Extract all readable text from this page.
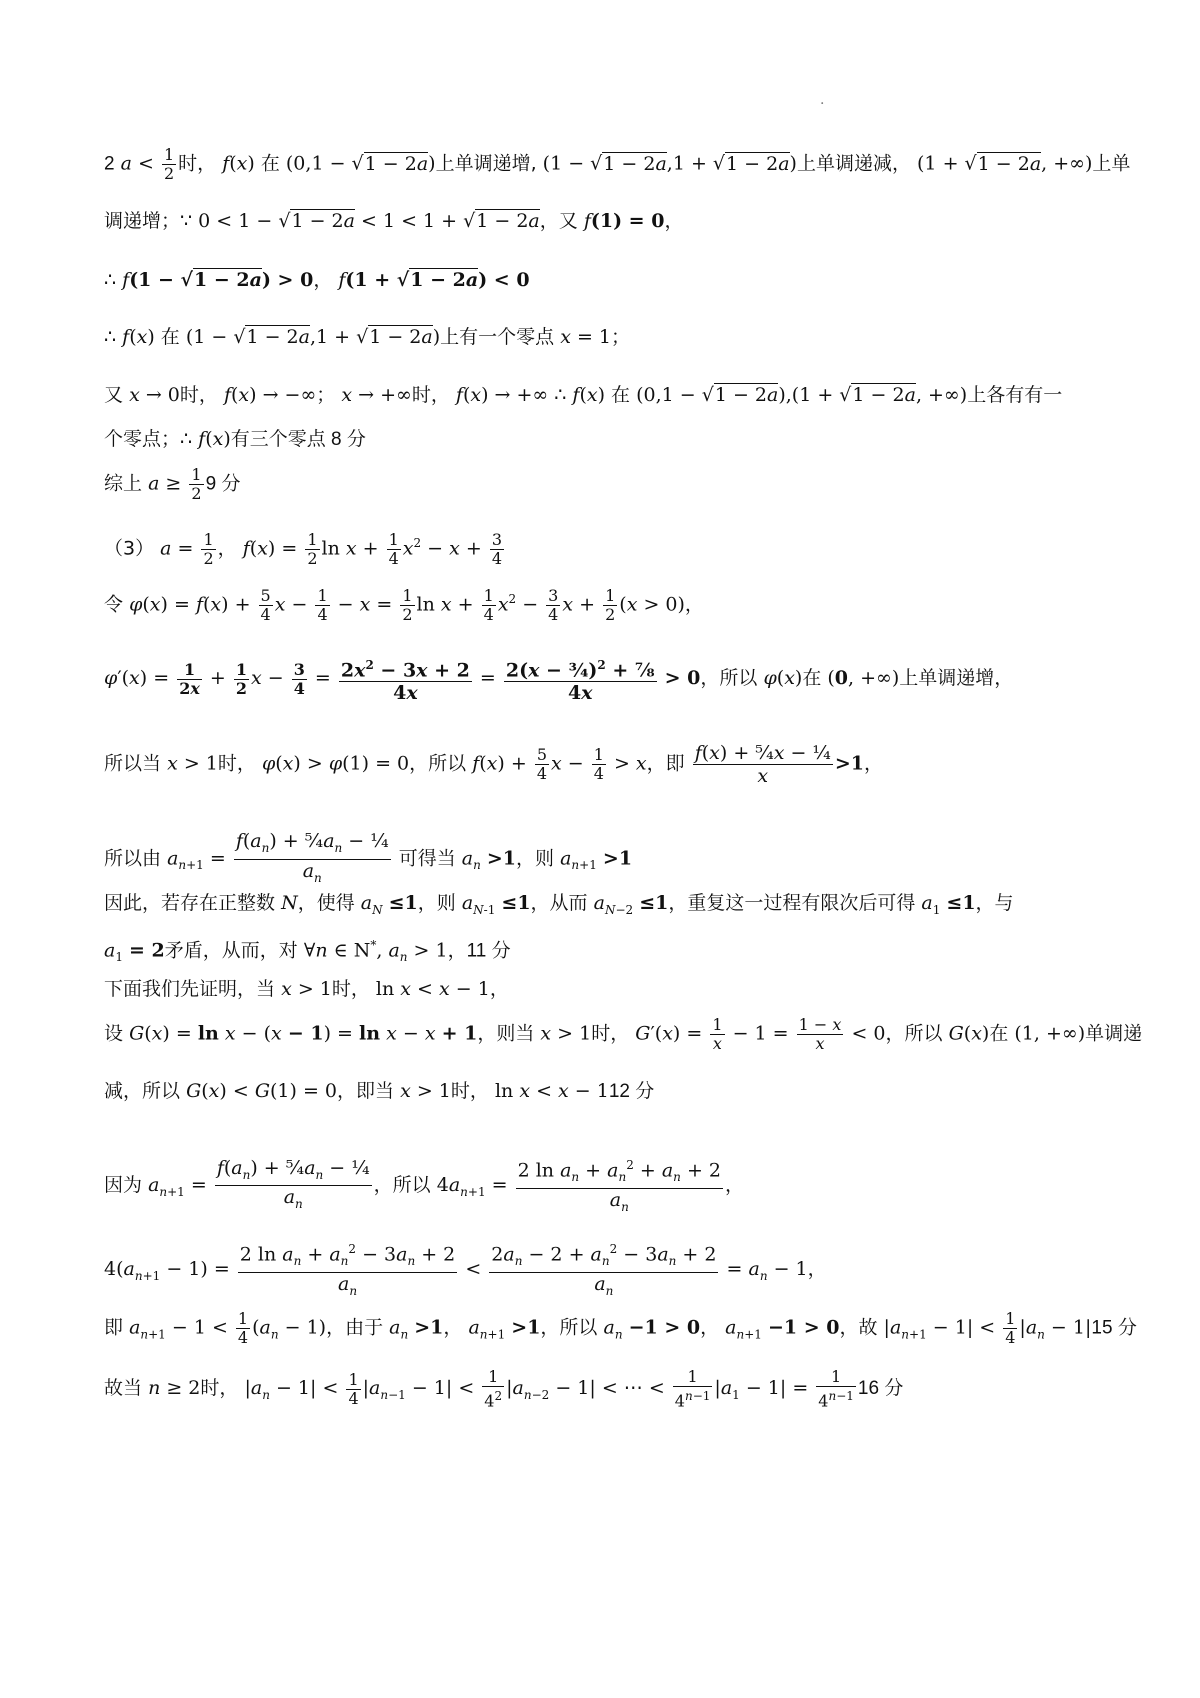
·
2 $a < \frac{1}{2}$ 时， f(x) 在 (0,1 − √1 − 2a)上单调递增, (1 − √1 − 2a,1 + √1 − 2a)上单调递减， (1 + √1 − 2a, +∞)上单
调递增；∵ 0 < 1 − √1 − 2a < 1 < 1 + √1 − 2a，又 f(1) = 0，
∴ f(1 − √1 − 2a) > 0， f(1 + √1 − 2a) < 0
∴ f(x) 在 (1 − √1 − 2a,1 + √1 − 2a)上有一个零点 x = 1；
又 x → 0时， f(x) → −∞； x → +∞时， f(x) → +∞ ∴ f(x) 在 (0,1 − √1 − 2a),(1 + √1 − 2a, +∞)上各有有一
个零点；∴ f(x)有三个零点 8 分
综上 $a \ge \frac{1}{2} 9$ 分
（3） $a = \frac{1}{2}$ ， $f(x) = \frac{1}{2}$ $\ln x + \frac{1}{4} x^2 - x + \frac{3}{4}$
令 $\varphi(x) = f(x) + \frac{5}{4}$ $x - \frac{1}{4} - x = \frac{1}{2}$ $\ln x + \frac{1}{4} x^2 - \frac{3}{4}$ $x + \frac{1}{2} (x > 0)$，
$\varphi'(x) = \frac{1}{2x} + \frac{1}{2}$ $x - \frac{3}{4} = \frac{2x^2 - 3x + 2}{4x} = \frac{2(x - \frac{3}{4})^2 + \frac{7}{8}}{4x} > 0$，所以 φ(x)在 (0, +∞)上单调递增，
所以当 x > 1时， φ(x) > φ(1) = 0，所以 $f(x) + \frac{5}{4}$ $x - \frac{1}{4} > x$，即 $\frac{\text{f(x) + ⁵⁄₄x − ¼}}{x} >1$，
所以由 $a_{n+1} = \frac{f(a_n) + ^5⁄_4a_n - \frac{1}{4}}{a_n}$ 可得当 $a_n >1$，则 $a_{n+1} >1$
因此，若存在正整数 N，使得 $a_N \le 1$，则 $a_{N-1} \le 1$，从而 $a_{N-2} \le 1$，重复这一过程有限次后可得 $a_1 \le 1$，与
$a_1 = 2$矛盾，从而，对 ∀n ∈ N*, $a_n > 1$，11 分
下面我们先证明，当 x > 1时， ln x < x − 1，
设 G(x) = ln x − (x − 1) = ln x − x + 1，则当 x > 1时， $G'(x) = \frac{1}{x} - 1 = \frac{1 - x}{x} < 0$，所以 G(x)在 (1, +∞)单调递
减，所以 G(x) < G(1) = 0，即当 x > 1时， ln x < x − 112 分
因为 $a_{n+1} = \frac{f(a_n) + ^5⁄_4a_n - \frac{1}{4}}{a_n}$ ，所以 $4a_{n+1} = \frac{2 \ln a_n + a_n^2 + a_n + 2}{a_n}$ ，
$4(a_{n+1} - 1) = \frac{2 \ln a_n + a_n^2 - 3a_n + 2}{a_n} < \frac{2a_n - 2 + a_n^2 - 3a_n + 2}{a_n} = a_n - 1$，
即 $a_{n+1} - 1 < \frac{1}{4} (a_n - 1)$，由于 $a_n >1$， $a_{n+1} >1$，所以 $a_n -1 > 0$， $a_{n+1} -1 > 0$，故 $|a_{n+1} - 1| < \frac{1}{4} |a_n - 1|15$ 分
故当 n ≥ 2时， $|a_n - 1| < \frac{1}{4} |a_{n-1} - 1| < \frac{1}{4^2} |a_{n-2} - 1|$ < ⋯ < $\frac{1}{4^{n-1}} |a_1 - 1| = \frac{1}{4^{n-1}} 16$ 分
